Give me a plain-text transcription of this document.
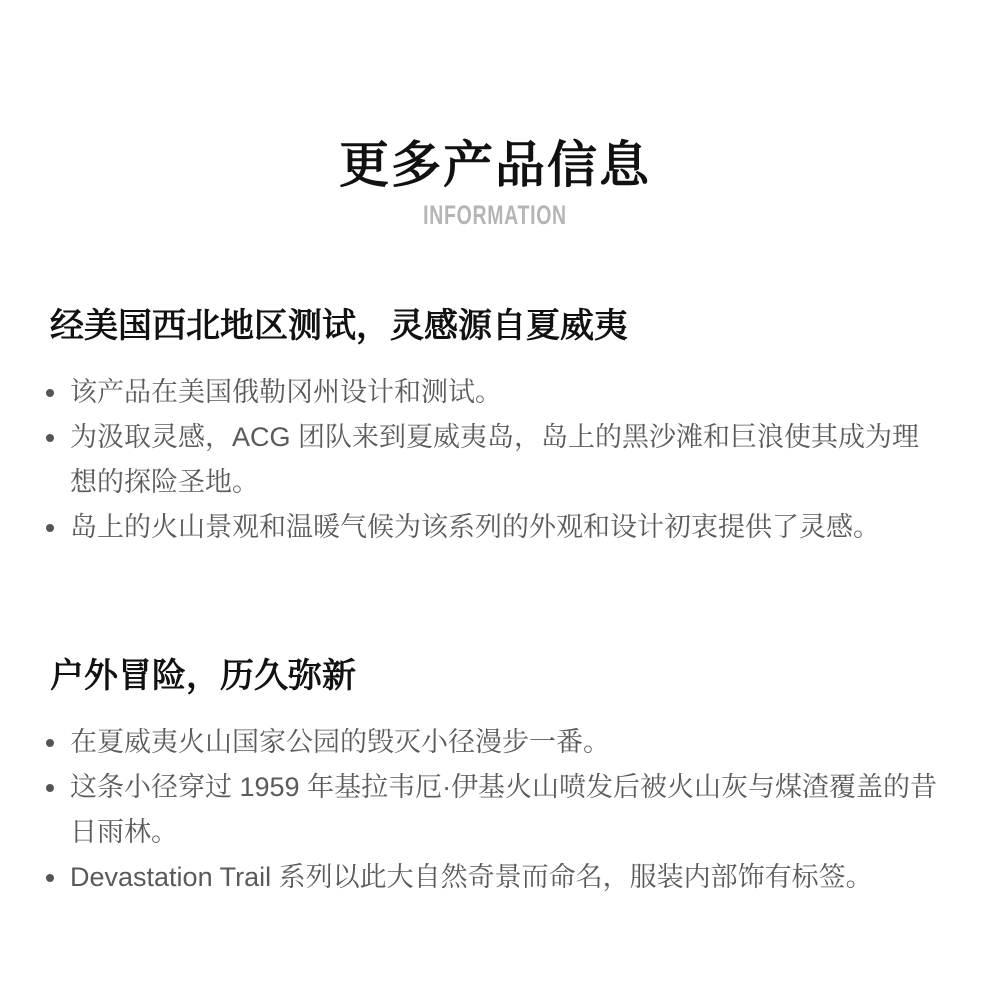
更多产品信息
INFORMATION
经美国西北地区测试，灵感源自夏威夷
该产品在美国俄勒冈州设计和测试。
为汲取灵感，ACG 团队来到夏威夷岛，岛上的黑沙滩和巨浪使其成为理想的探险圣地。
岛上的火山景观和温暖气候为该系列的外观和设计初衷提供了灵感。
户外冒险，历久弥新
在夏威夷火山国家公园的毁灭小径漫步一番。
这条小径穿过 1959 年基拉韦厄·伊基火山喷发后被火山灰与煤渣覆盖的昔日雨林。
Devastation Trail 系列以此大自然奇景而命名，服装内部饰有标签。
